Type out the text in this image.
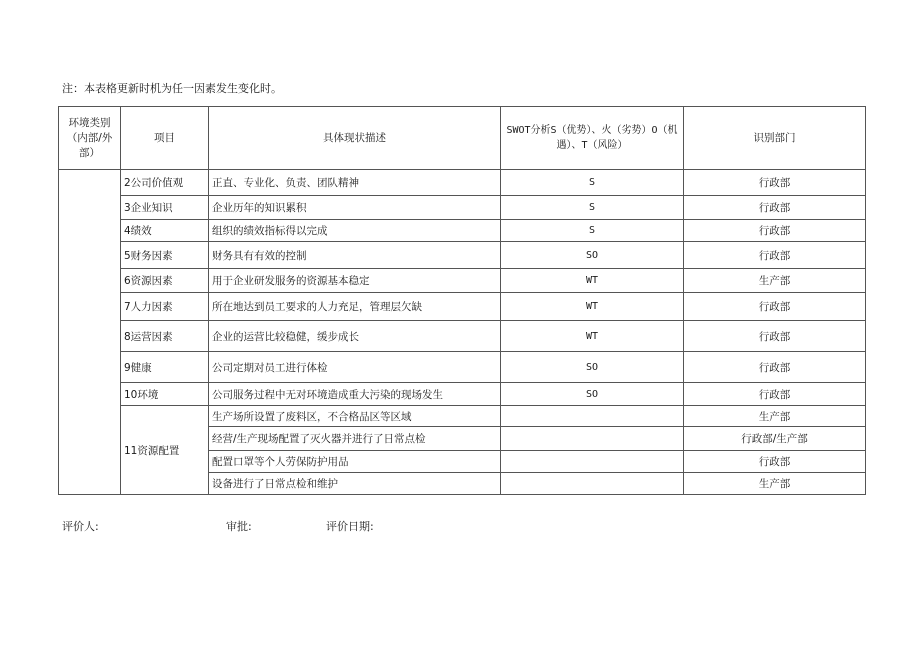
注：本表格更新时机为任一因素发生变化时。
环境类别（内部/外部）	项目	具体现状描述	SWOT分析S（优势）、火（劣势）O（机遇）、T（风险）	识别部门
	2公司价值观	正直、专业化、负责、团队精神	S	行政部
	3企业知识	企业历年的知识累积	S	行政部
	4绩效	组织的绩效指标得以完成	S	行政部
	5财务因素	财务具有有效的控制	SO	行政部
	6资源因素	用于企业研发服务的资源基本稳定	WT	生产部
	7人力因素	所在地达到员工要求的人力充足，管理层欠缺	WT	行政部
	8运营因素	企业的运营比较稳健，缓步成长	WT	行政部
	9健康	公司定期对员工进行体检	SO	行政部
	10环境	公司服务过程中无对环境造成重大污染的现场发生	SO	行政部
	11资源配置	生产场所设置了废料区，不合格品区等区域		生产部
		经营/生产现场配置了灭火器并进行了日常点检		行政部/生产部
		配置口罩等个人劳保防护用品		行政部
		设备进行了日常点检和维护		生产部
评价人:	审批:	评价日期:
